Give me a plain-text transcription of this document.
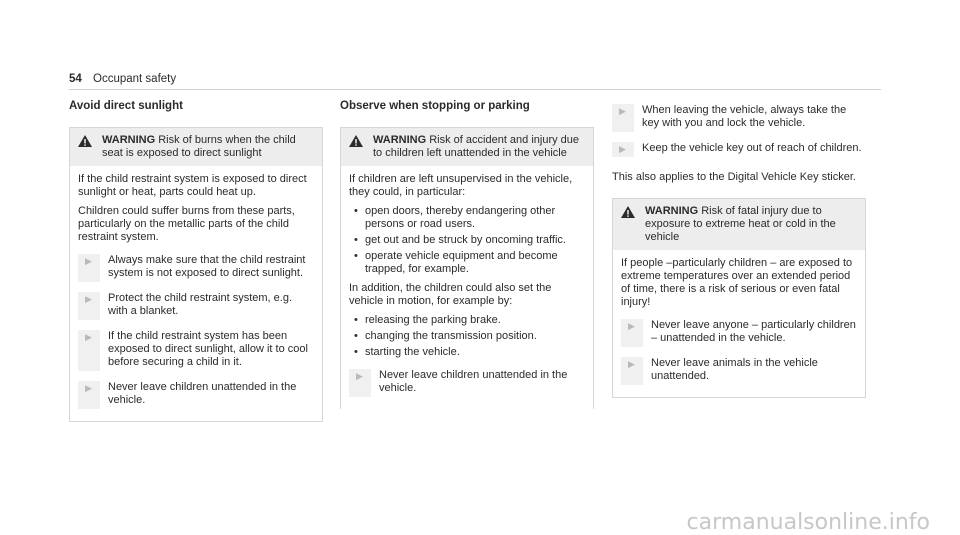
54 Occupant safety
Avoid direct sunlight
WARNING Risk of burns when the child seat is exposed to direct sunlight

If the child restraint system is exposed to direct sunlight or heat, parts could heat up.

Children could suffer burns from these parts, particularly on the metallic parts of the child restraint system.

▶	Always make sure that the child restraint system is not exposed to direct sunlight.
▶	Protect the child restraint system, e.g. with a blanket.
▶	If the child restraint system has been exposed to direct sunlight, allow it to cool before securing a child in it.
▶	Never leave children unattended in the vehicle.
Observe when stopping or parking
WARNING Risk of accident and injury due to children left unattended in the vehicle

If children are left unsupervised in the vehicle, they could, in particular:

• open doors, thereby endangering other persons or road users.
• get out and be struck by oncoming traffic.
• operate vehicle equipment and become trapped, for example.

In addition, the children could also set the vehicle in motion, for example by:

• releasing the parking brake.
• changing the transmission position.
• starting the vehicle.
▶	Never leave children unattended in the vehicle.
▶	When leaving the vehicle, always take the key with you and lock the vehicle.
▶	Keep the vehicle key out of reach of children.

This also applies to the Digital Vehicle Key sticker.

WARNING Risk of fatal injury due to exposure to extreme heat or cold in the vehicle

If people –particularly children – are exposed to extreme temperatures over an extended period of time, there is a risk of serious or even fatal injury!

▶	Never leave anyone – particularly children – unattended in the vehicle.
▶	Never leave animals in the vehicle unattended.
carmanualsonline.info
